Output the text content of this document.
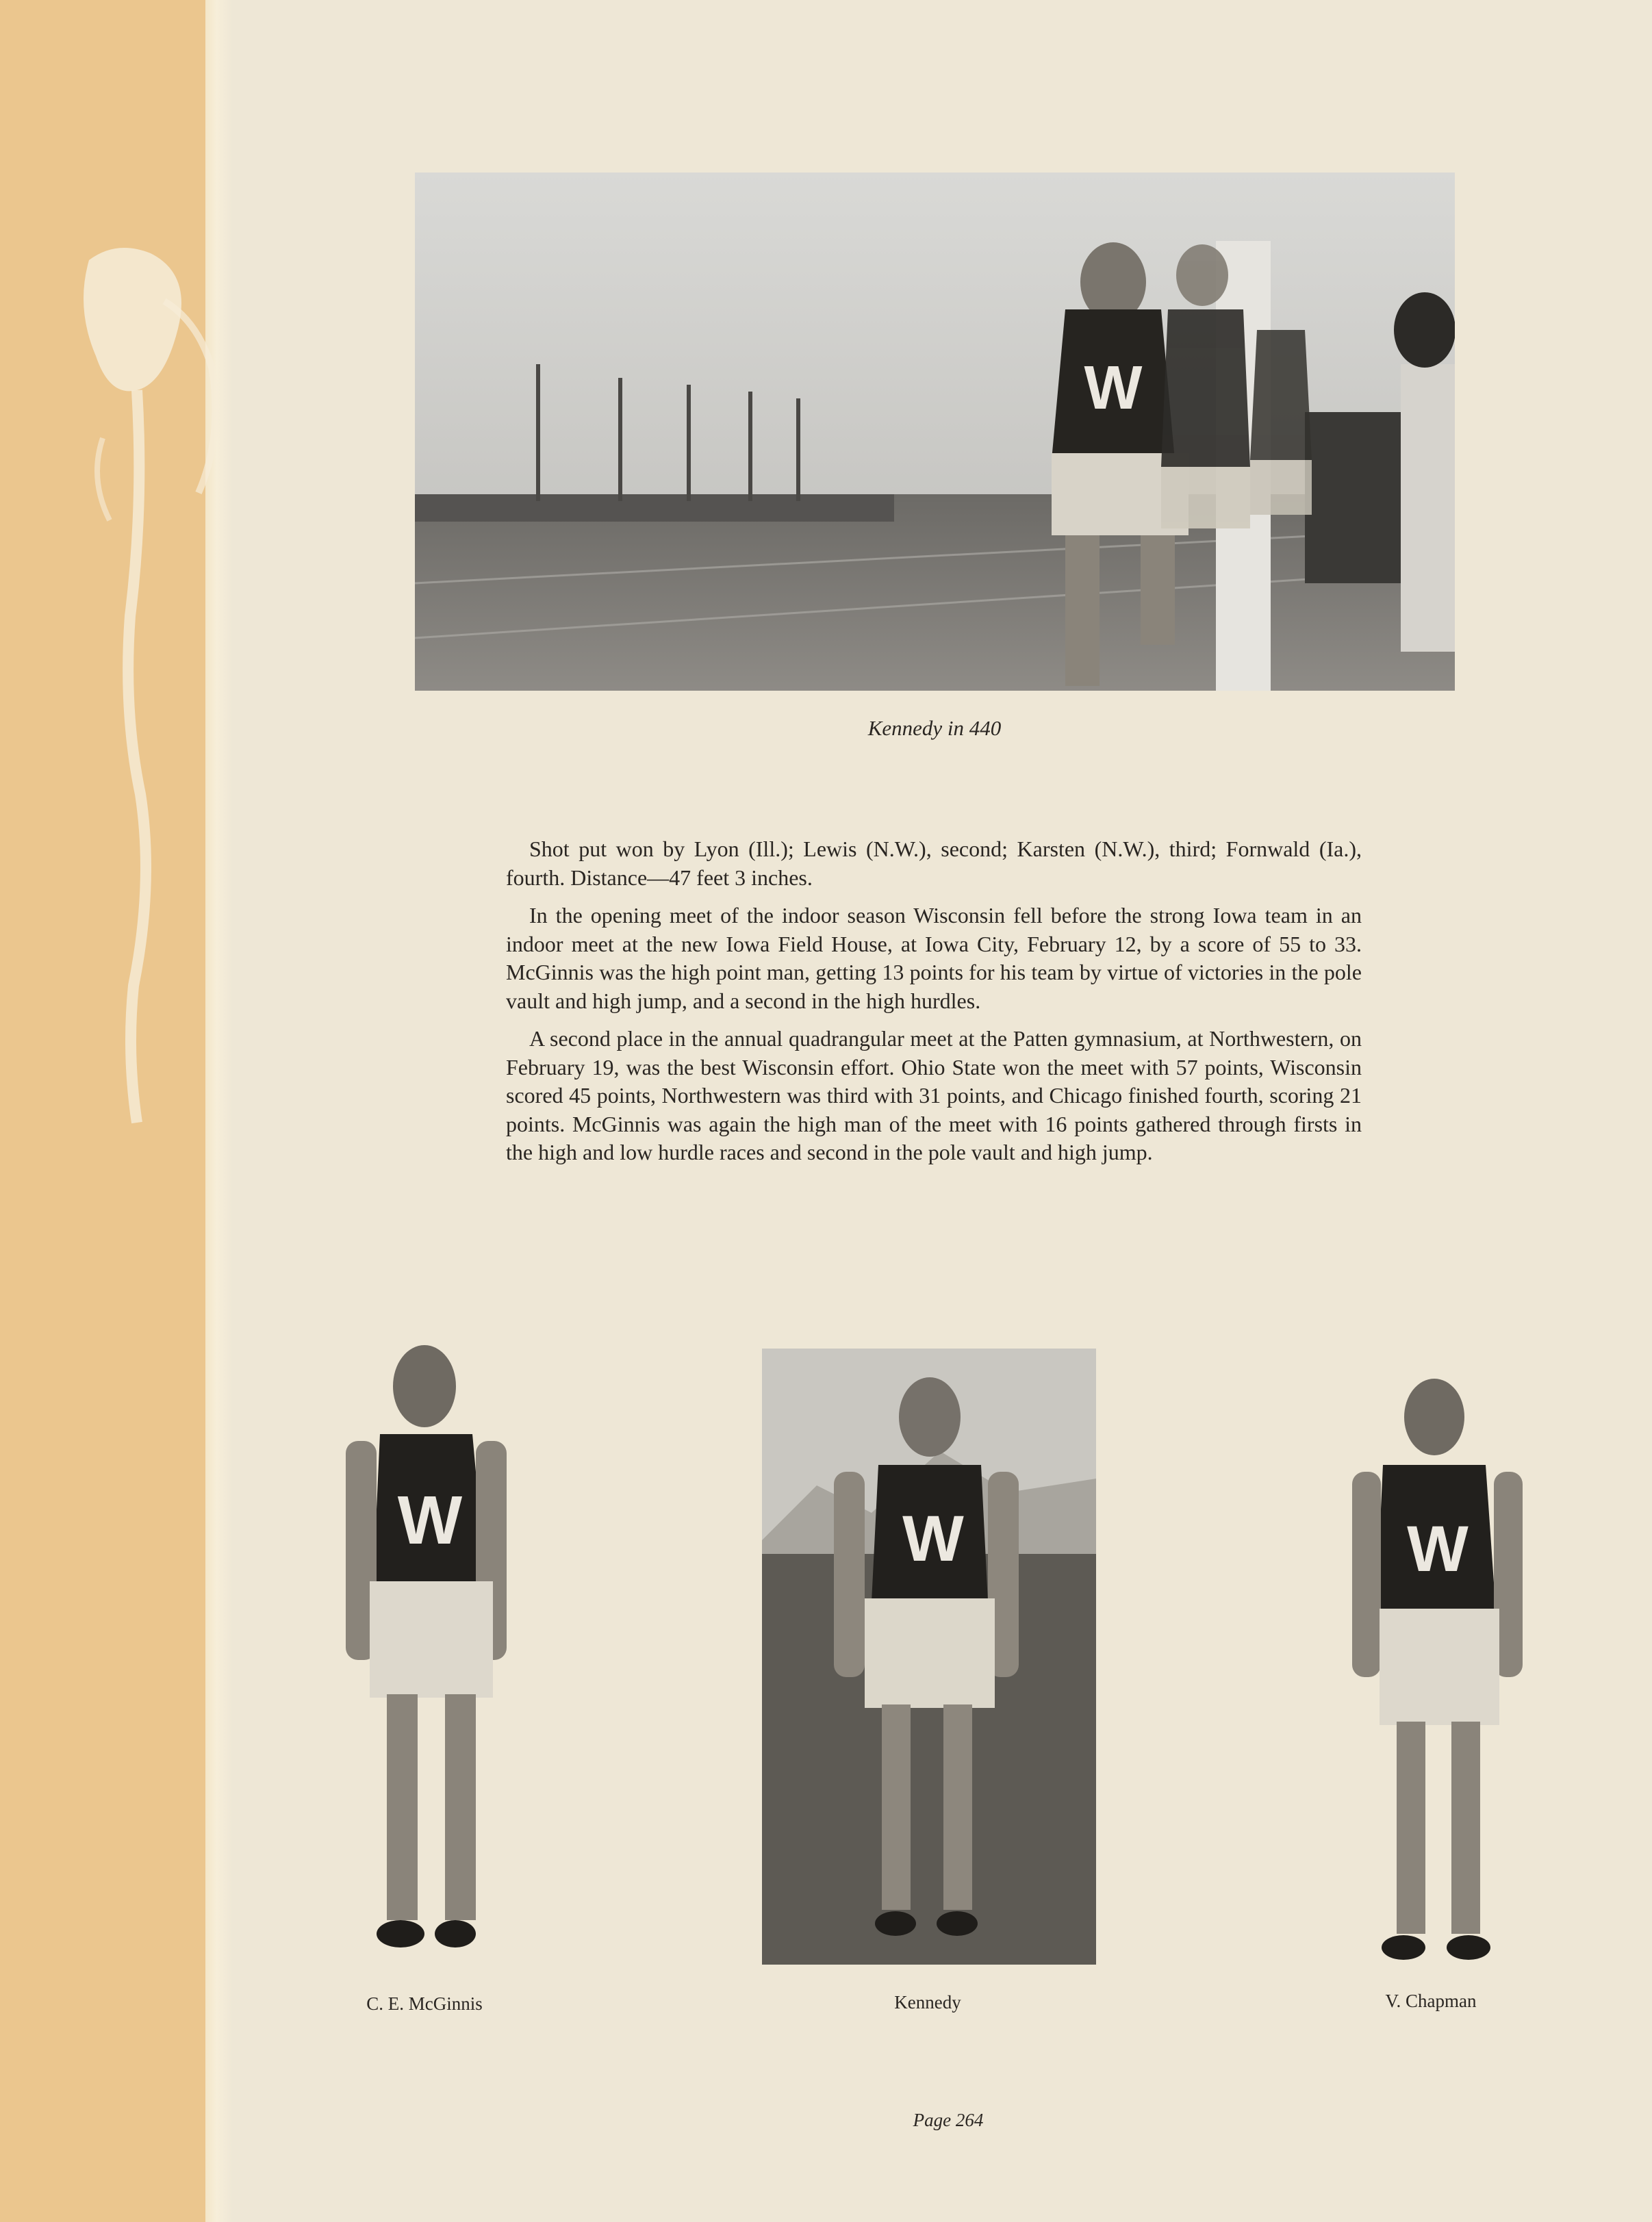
W
Kennedy in 440

Shot put won by Lyon (Ill.); Lewis (N.W.), second; Karsten (N.W.), third; Fornwald (Ia.), fourth. Distance—47 feet 3 inches.

In the opening meet of the indoor season Wisconsin fell before the strong Iowa team in an indoor meet at the new Iowa Field House, at Iowa City, February 12, by a score of 55 to 33. McGinnis was the high point man, getting 13 points for his team by virtue of victories in the pole vault and high jump, and a second in the high hurdles.

A second place in the annual quadrangular meet at the Patten gymnasium, at Northwestern, on February 19, was the best Wisconsin effort. Ohio State won the meet with 57 points, Wisconsin scored 45 points, Northwestern was third with 31 points, and Chicago finished fourth, scoring 21 points. McGinnis was again the high man of the meet with 16 points gathered through firsts in the high and low hurdle races and second in the pole vault and high jump.

W
C. E. McGinnis
W
Kennedy
W
V. Chapman
Page 264
